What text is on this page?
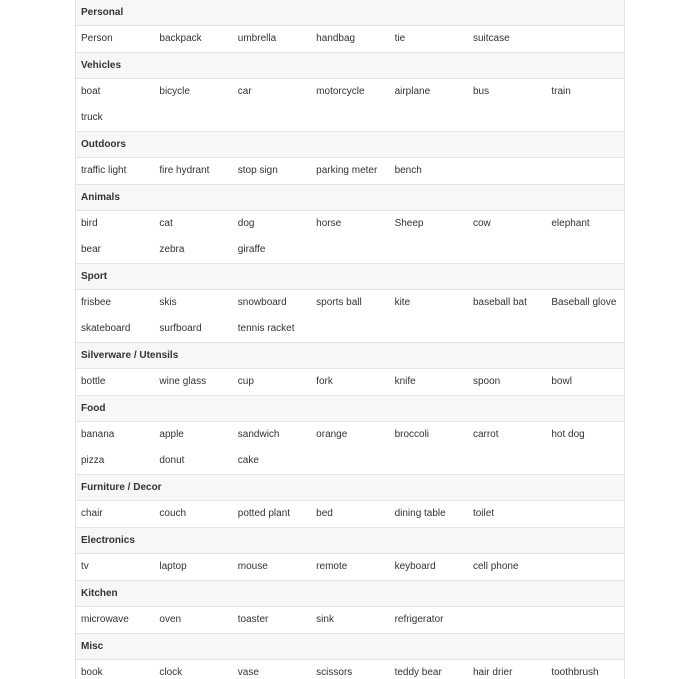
Personal
Person	backpack	umbrella	handbag	tie	suitcase
Vehicles
boat	bicycle	car	motorcycle	airplane	bus	train
truck
Outdoors
traffic light	fire hydrant	stop sign	parking meter	bench
Animals
bird	cat	dog	horse	Sheep	cow	elephant
bear	zebra	giraffe
Sport
frisbee	skis	snowboard	sports ball	kite	baseball bat	Baseball glove
skateboard	surfboard	tennis racket
Silverware / Utensils
bottle	wine glass	cup	fork	knife	spoon	bowl
Food
banana	apple	sandwich	orange	broccoli	carrot	hot dog
pizza	donut	cake
Furniture / Decor
chair	couch	potted plant	bed	dining table	toilet
Electronics
tv	laptop	mouse	remote	keyboard	cell phone
Kitchen
microwave	oven	toaster	sink	refrigerator
Misc
book	clock	vase	scissors	teddy bear	hair drier	toothbrush
